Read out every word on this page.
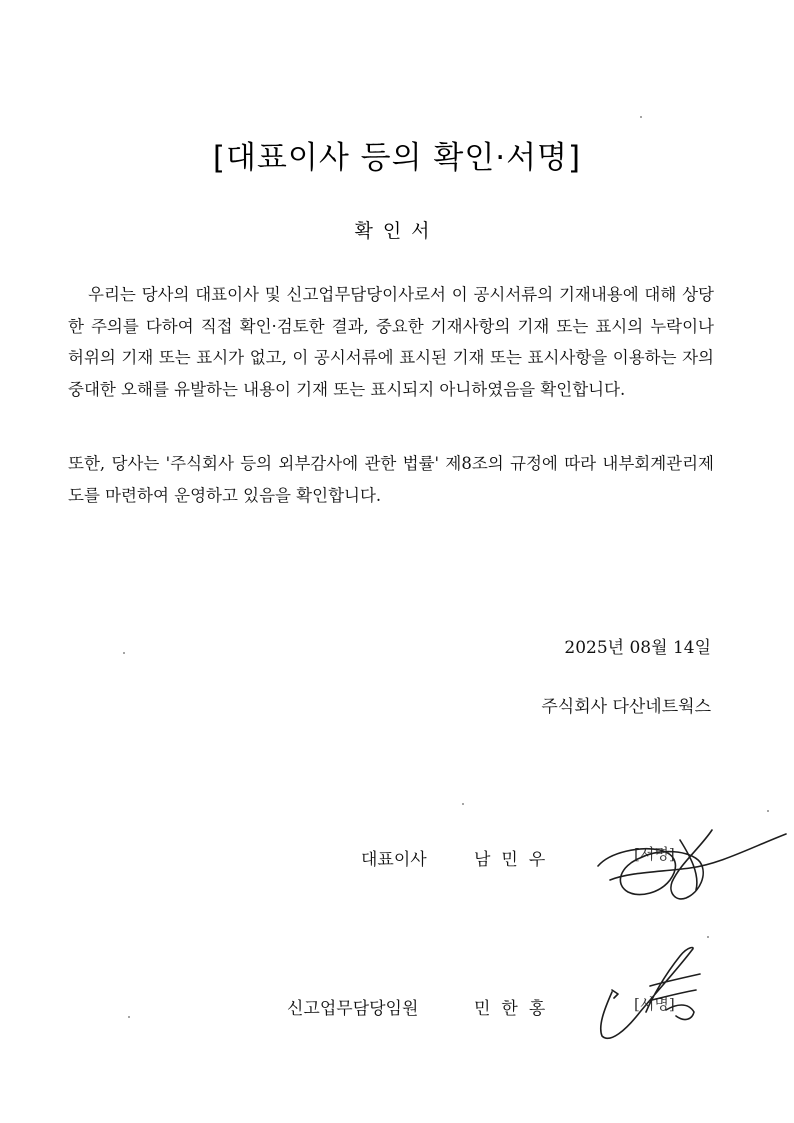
[대표이사 등의 확인·서명]
확인서

우리는 당사의 대표이사 및 신고업무담당이사로서 이 공시서류의 기재내용에 대해 상당한 주의를 다하여 직접 확인·검토한 결과, 중요한 기재사항의 기재 또는 표시의 누락이나 허위의 기재 또는 표시가 없고, 이 공시서류에 표시된 기재 또는 표시사항을 이용하는 자의 중대한 오해를 유발하는 내용이 기재 또는 표시되지 아니하였음을 확인합니다.

또한, 당사는 '주식회사 등의 외부감사에 관한 법률' 제8조의 규정에 따라 내부회계관리제도를 마련하여 운영하고 있음을 확인합니다.

2025년 08월 14일
주식회사 다산네트웍스
대표이사	남민우	[서명]
신고업무담당임원	민한홍	[서명]
